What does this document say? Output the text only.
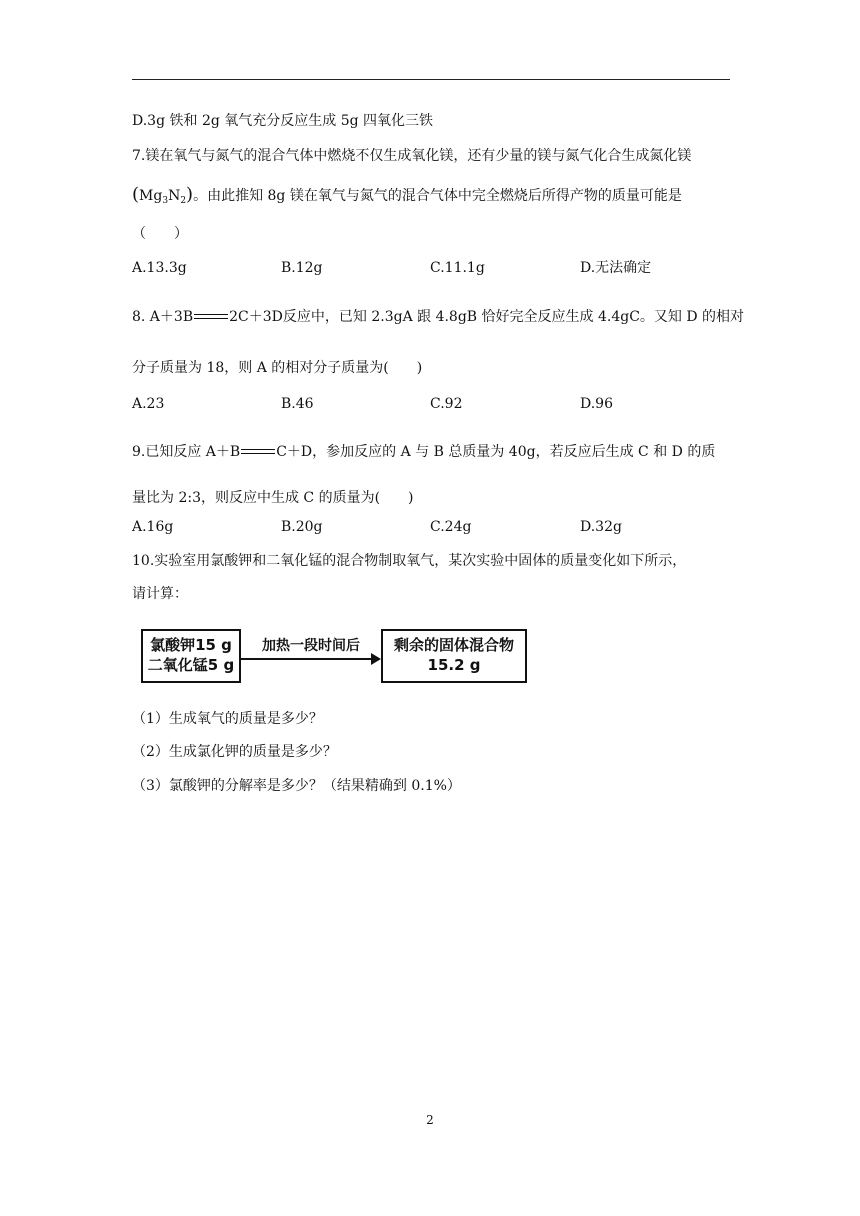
D.3g 铁和 2g 氧气充分反应生成 5g 四氧化三铁
7.镁在氧气与氮气的混合气体中燃烧不仅生成氧化镁，还有少量的镁与氮气化合生成氮化镁
$(Mg_3N_2)$。由此推知 8g 镁在氧气与氮气的混合气体中完全燃烧后所得产物的质量可能是
（　　）
A.13.3g	B.12g	C.11.1g	D.无法确定
8. A＋3B	2C＋3D反应中，已知 2.3gA 跟 4.8gB 恰好完全反应生成 4.4gC。又知 D 的相对
分子质量为 18，则 A 的相对分子质量为(　　)
A.23	B.46	C.92	D.96
9.已知反应 A＋B	C＋D，参加反应的 A 与 B 总质量为 40g，若反应后生成 C 和 D 的质
量比为 2:3，则反应中生成 C 的质量为(　　)
A.16g	B.20g	C.24g	D.32g
10.实验室用氯酸钾和二氧化锰的混合物制取氧气，某次实验中固体的质量变化如下所示，
请计算：
氯酸钾15 g
二氧化锰5 g
加热一段时间后	剩余的固体混合物
15.2 g
（1）生成氧气的质量是多少？
（2）生成氯化钾的质量是多少？
（3）氯酸钾的分解率是多少？（结果精确到 0.1%）
2
